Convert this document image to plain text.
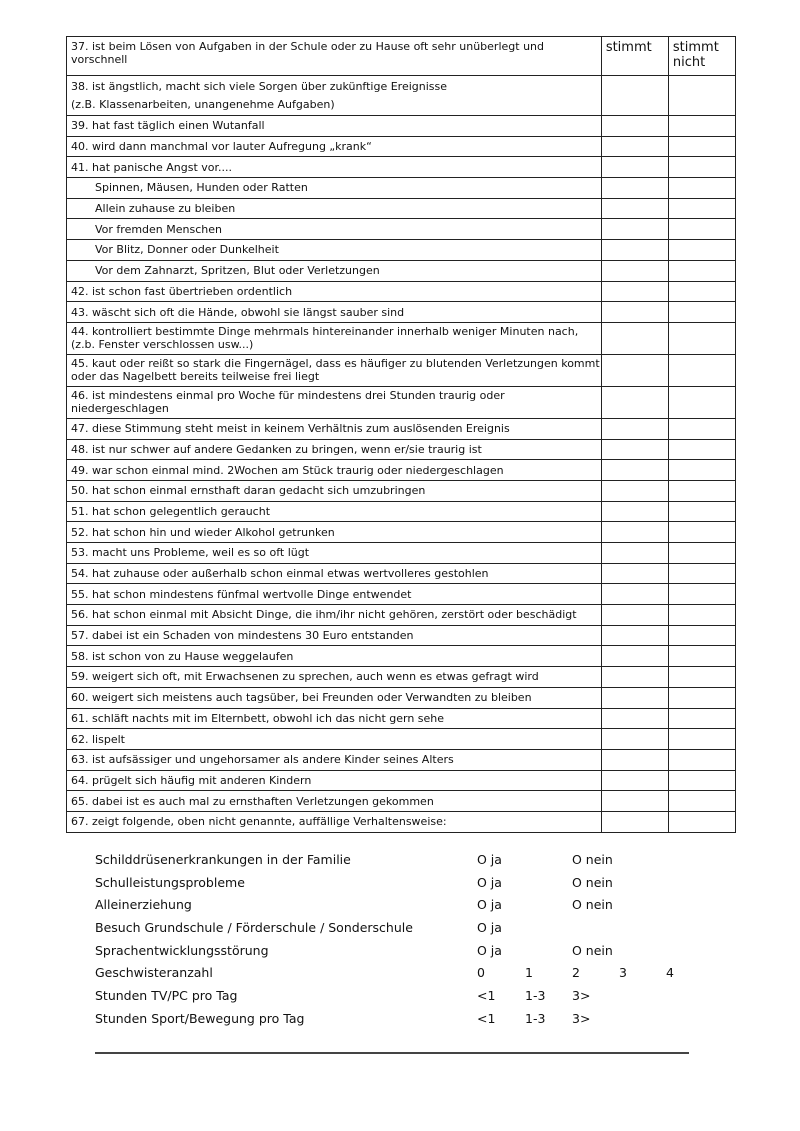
37. ist beim Lösen von Aufgaben in der Schule oder zu Hause oft sehr unüberlegt und vorschnell	stimmt	stimmt nicht

38. ist ängstlich, macht sich viele Sorgen über zukünftige Ereignisse
(z.B. Klassenarbeiten, unangenehme Aufgaben)		

39. hat fast täglich einen Wutanfall		
40. wird dann manchmal vor lauter Aufregung „krank“		
41. hat panische Angst vor....		
Spinnen, Mäusen, Hunden oder Ratten		
Allein zuhause zu bleiben		
Vor fremden Menschen		
Vor Blitz, Donner oder Dunkelheit		
Vor dem Zahnarzt, Spritzen, Blut oder Verletzungen		
42. ist schon fast übertrieben ordentlich		
43. wäscht sich oft die Hände, obwohl sie längst sauber sind		

44. kontrolliert bestimmte Dinge mehrmals hintereinander innerhalb weniger Minuten nach,
(z.b. Fenster verschlossen usw...)		

45. kaut oder reißt so stark die Fingernägel, dass es häufiger zu blutenden Verletzungen kommt
oder das Nagelbett bereits teilweise frei liegt		

46. ist mindestens einmal pro Woche für mindestens drei Stunden traurig oder
niedergeschlagen		

47. diese Stimmung steht meist in keinem Verhältnis zum auslösenden Ereignis		
48. ist nur schwer auf andere Gedanken zu bringen, wenn er/sie traurig ist		
49. war schon einmal mind. 2Wochen am Stück traurig oder niedergeschlagen		
50. hat schon einmal ernsthaft daran gedacht sich umzubringen		
51. hat schon gelegentlich geraucht		
52. hat schon hin und wieder Alkohol getrunken		
53. macht uns Probleme, weil es so oft lügt		
54. hat zuhause oder außerhalb schon einmal etwas wertvolleres gestohlen		
55. hat schon mindestens fünfmal wertvolle Dinge entwendet		
56. hat schon einmal mit Absicht Dinge, die ihm/ihr nicht gehören, zerstört oder beschädigt		
57. dabei ist ein Schaden von mindestens 30 Euro entstanden		
58. ist schon von zu Hause weggelaufen		
59. weigert sich oft, mit Erwachsenen zu sprechen, auch wenn es etwas gefragt wird		
60. weigert sich meistens auch tagsüber, bei Freunden oder Verwandten zu bleiben		
61. schläft nachts mit im Elternbett, obwohl ich das nicht gern sehe		
62. lispelt		
63. ist aufsässiger und ungehorsamer als andere Kinder seines Alters		
64. prügelt sich häufig mit anderen Kindern		
65. dabei ist es auch mal zu ernsthaften Verletzungen gekommen		
67. zeigt folgende, oben nicht genannte, auffällige Verhaltensweise:		
Schilddrüsenerkrankungen in der Familie	O ja	O nein
Schulleistungsprobleme	O ja	O nein
Alleinerziehung	O ja	O nein
Besuch Grundschule / Förderschule / Sonderschule	O ja
Sprachentwicklungsstörung	O ja	O nein
Geschwisteranzahl	0	1	2	3	4
Stunden TV/PC pro Tag	<1 1-3 3>
Stunden Sport/Bewegung pro Tag	<1 1-3 3>
